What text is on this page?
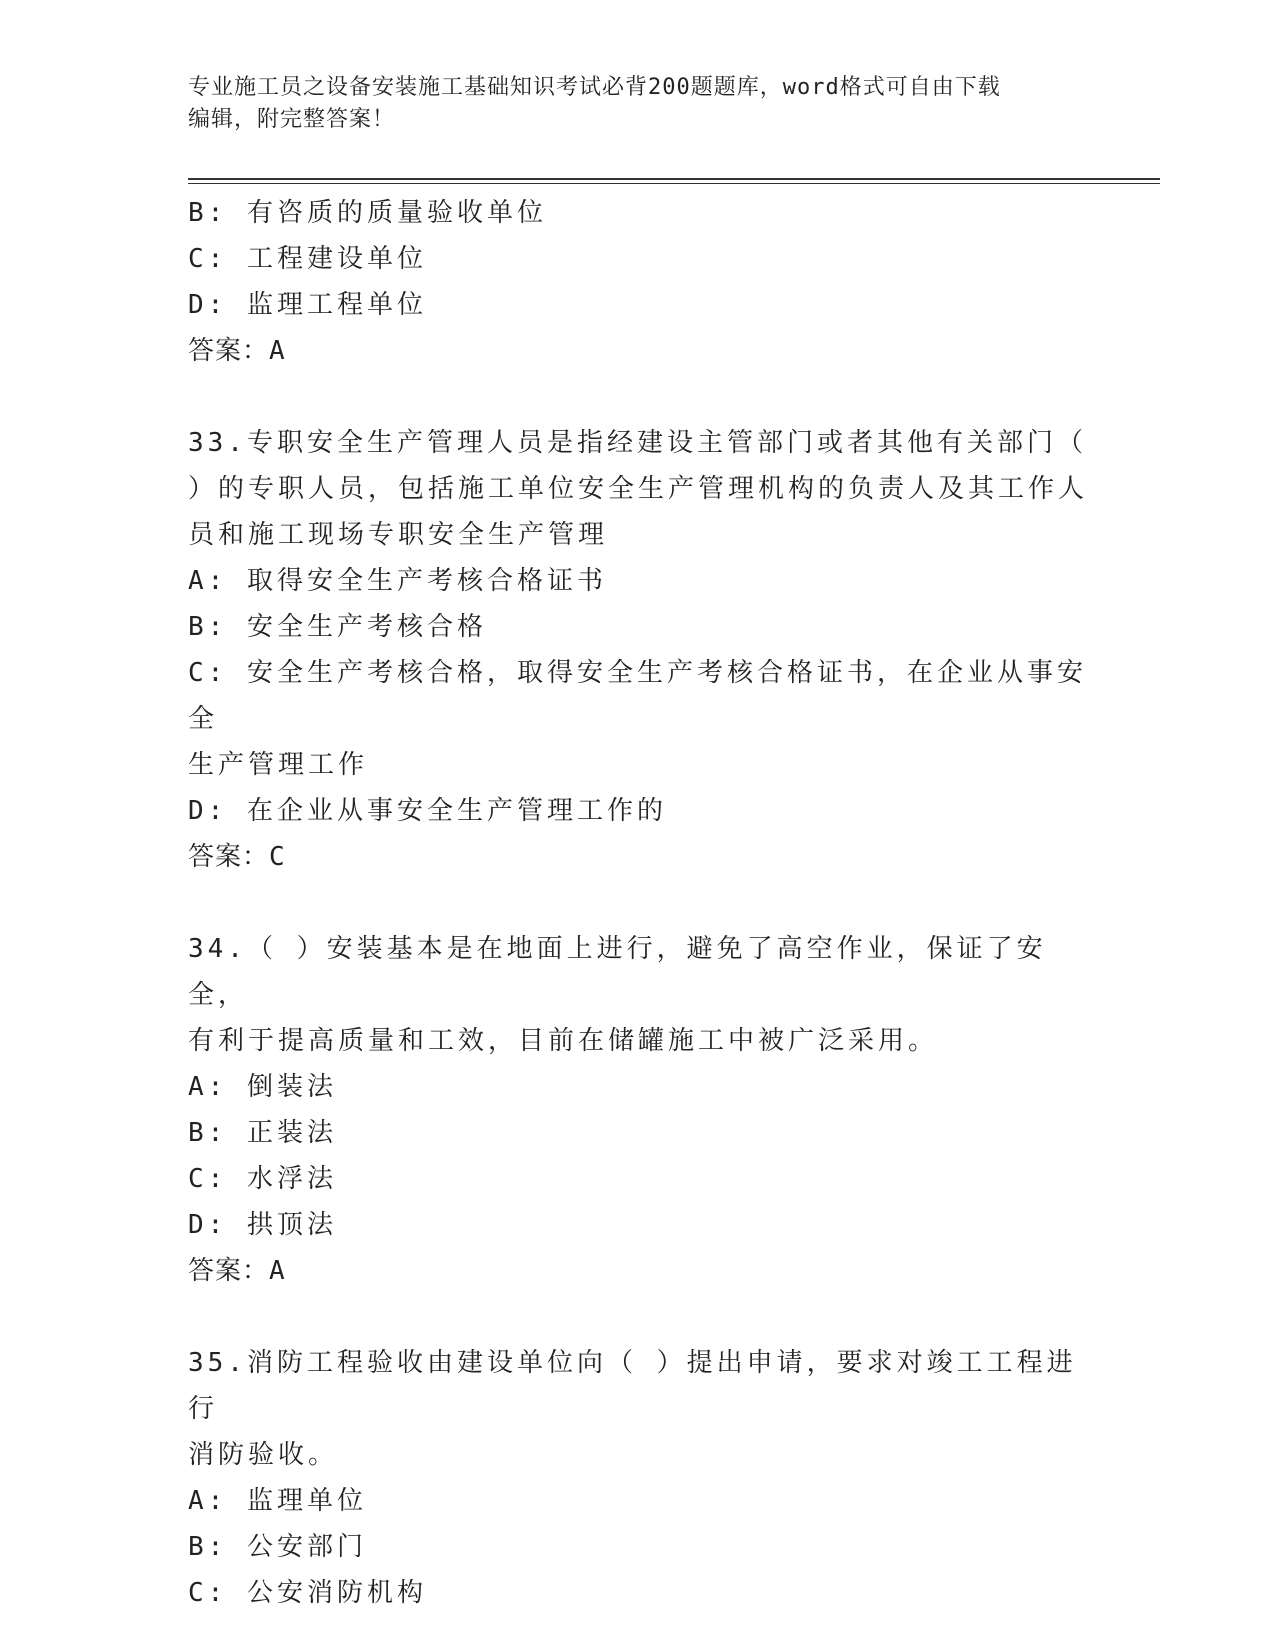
专业施工员之设备安装施工基础知识考试必背200题题库，word格式可自由下载
编辑，附完整答案！
B: 有咨质的质量验收单位
C: 工程建设单位
D: 监理工程单位
答案：A
33.专职安全生产管理人员是指经建设主管部门或者其他有关部门（
）的专职人员，包括施工单位安全生产管理机构的负责人及其工作人
员和施工现场专职安全生产管理
A: 取得安全生产考核合格证书
B: 安全生产考核合格
C: 安全生产考核合格，取得安全生产考核合格证书，在企业从事安全
生产管理工作
D: 在企业从事安全生产管理工作的
答案：C
34.（ ）安装基本是在地面上进行，避免了高空作业，保证了安全，
有利于提高质量和工效，目前在储罐施工中被广泛采用。
A: 倒装法
B: 正装法
C: 水浮法
D: 拱顶法
答案：A
35.消防工程验收由建设单位向（ ）提出申请，要求对竣工工程进行
消防验收。
A: 监理单位
B: 公安部门
C: 公安消防机构
